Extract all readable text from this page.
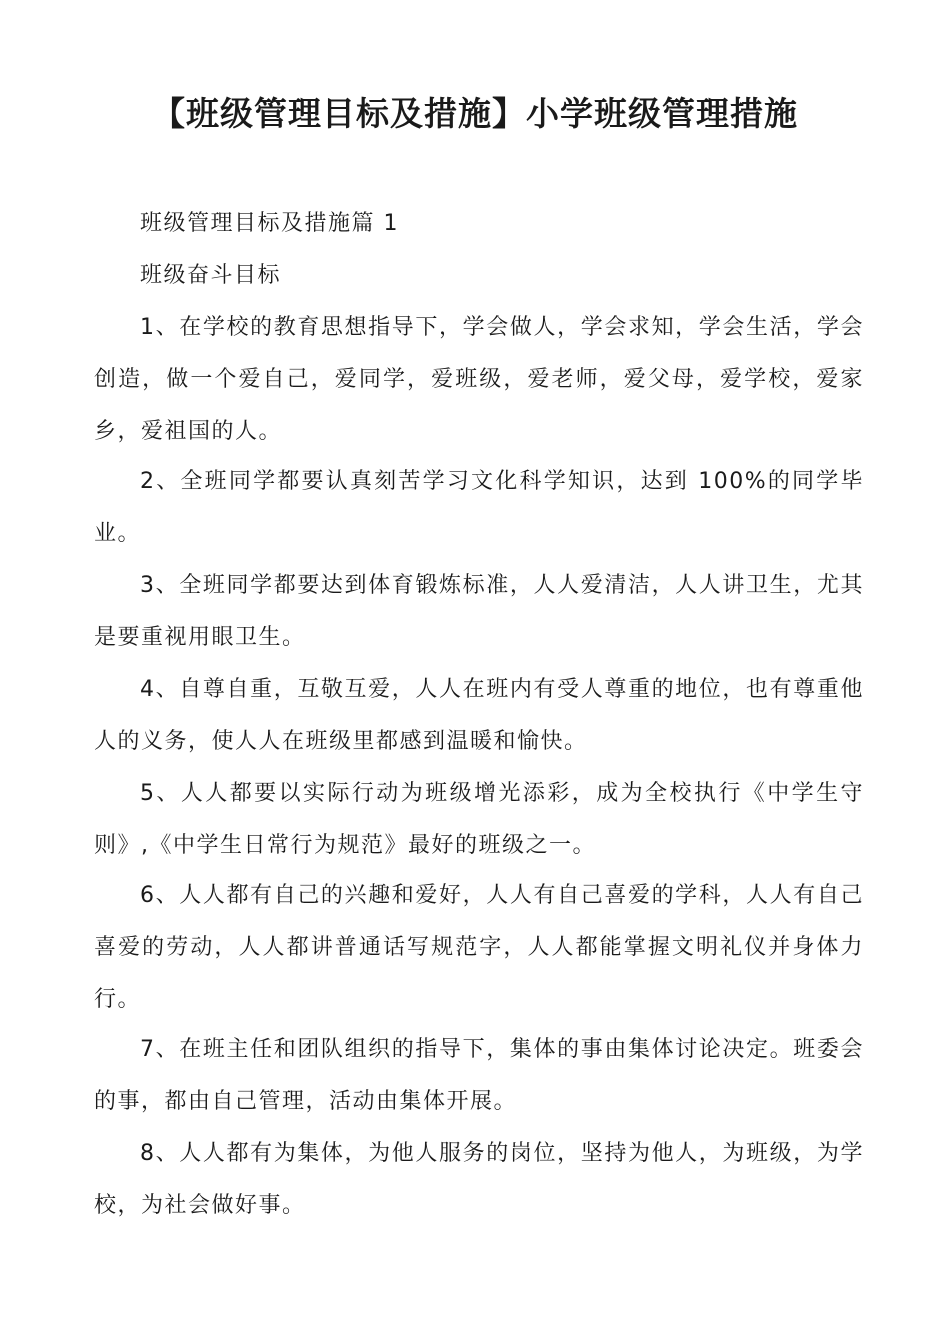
【班级管理目标及措施】小学班级管理措施

班级管理目标及措施篇 1

班级奋斗目标

1、在学校的教育思想指导下，学会做人，学会求知，学会生活，学会创造，做一个爱自己，爱同学，爱班级，爱老师，爱父母，爱学校，爱家乡，爱祖国的人。

2、全班同学都要认真刻苦学习文化科学知识，达到 100%的同学毕业。

3、全班同学都要达到体育锻炼标准，人人爱清洁，人人讲卫生，尤其是要重视用眼卫生。

4、自尊自重，互敬互爱，人人在班内有受人尊重的地位，也有尊重他人的义务，使人人在班级里都感到温暖和愉快。

5、人人都要以实际行动为班级增光添彩，成为全校执行《中学生守则》,《中学生日常行为规范》最好的班级之一。

6、人人都有自己的兴趣和爱好，人人有自己喜爱的学科，人人有自己喜爱的劳动，人人都讲普通话写规范字，人人都能掌握文明礼仪并身体力行。

7、在班主任和团队组织的指导下，集体的事由集体讨论决定。班委会的事，都由自己管理，活动由集体开展。

8、人人都有为集体，为他人服务的岗位，坚持为他人，为班级，为学校，为社会做好事。
